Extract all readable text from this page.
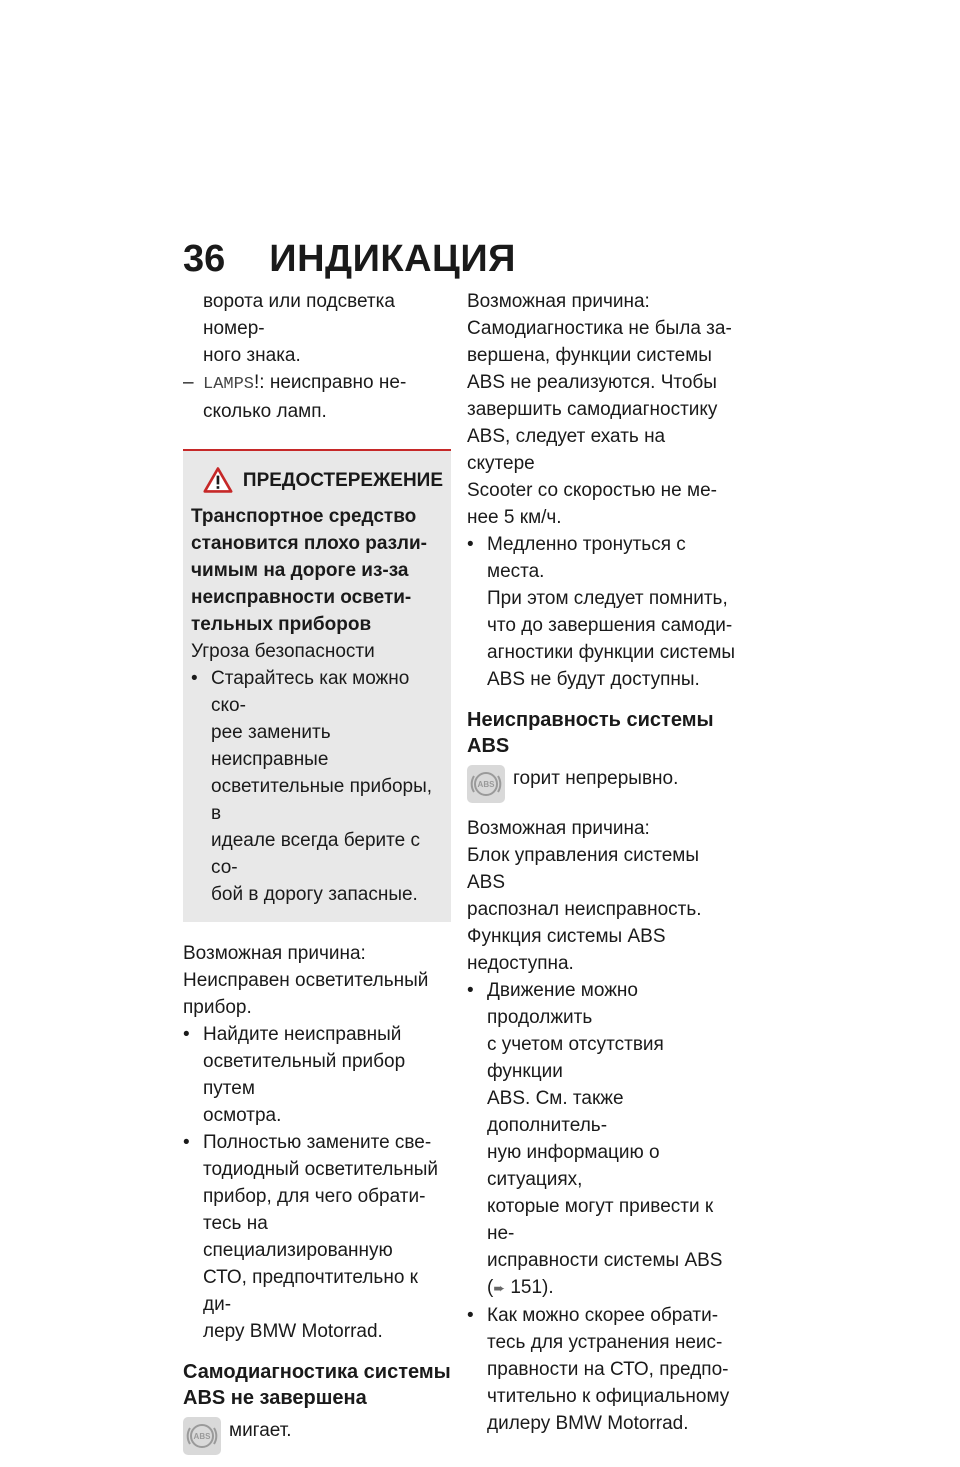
36 ИНДИКАЦИЯ
ворота или подсветка номер-
ного знака.
– LAMPS!: неисправно не-
сколько ламп.
ПРЕДОСТЕРЕЖЕНИЕ

Транспортное средство
становится плохо разли-
чимым на дороге из-за
неисправности освети-
тельных приборов

Угроза безопасности

• Старайтесь как можно ско-
рее заменить неисправные
осветительные приборы, в
идеале всегда берите с со-
бой в дорогу запасные.

Возможная причина:

Неисправен осветительный
прибор.

• Найдите неисправный
осветительный прибор путем
осмотра.
• Полностью замените све-
тодиодный осветительный
прибор, для чего обрати-
тесь на специализированную
СТО, предпочтительно к ди-
леру BMW Motorrad.
Самодиагностика системы
ABS не завершена
ABS мигает.

Возможная причина:

Самодиагностика не была за-
вершена, функции системы
ABS не реализуются. Чтобы
завершить самодиагностику
ABS, следует ехать на скутере
Scooter со скоростью не ме-
нее 5 км/ч.

• Медленно тронуться с места.
При этом следует помнить,
что до завершения самоди-
агностики функции системы
ABS не будут доступны.
Неисправность системы
ABS
ABS горит непрерывно.

Возможная причина:

Блок управления системы ABS
распознал неисправность.
Функция системы ABS
недоступна.

• Движение можно продолжить
с учетом отсутствия функции
ABS. См. также дополнитель-
ную информацию о ситуациях,
которые могут привести к не-
исправности системы ABS
(➨ 151).
• Как можно скорее обрати-
тесь для устранения неис-
правности на СТО, предпо-
чтительно к официальному
дилеру BMW Motorrad.
